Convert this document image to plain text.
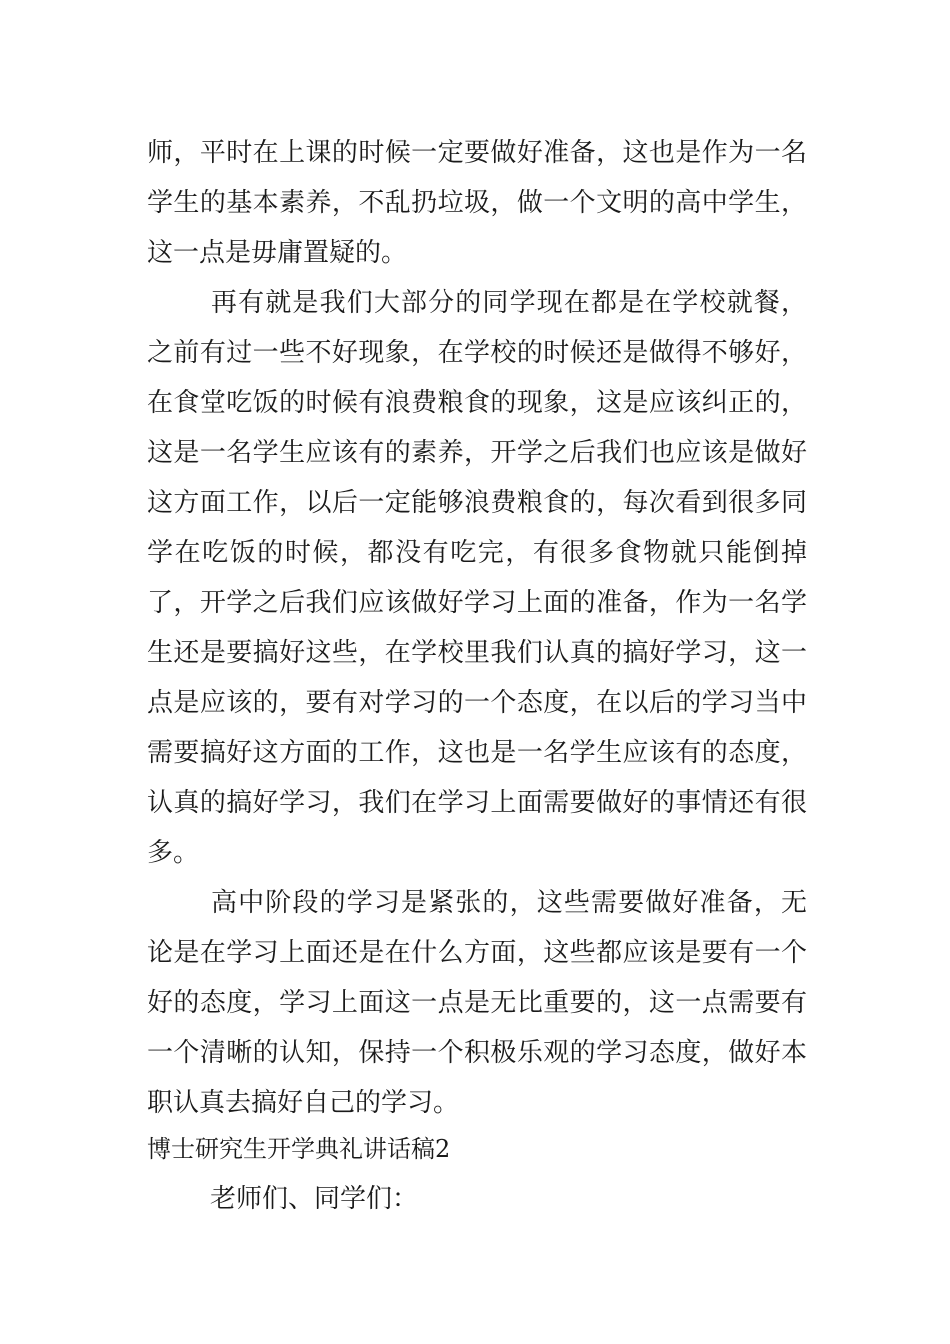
师，平时在上课的时候一定要做好准备，这也是作为一名学生的基本素养，不乱扔垃圾，做一个文明的高中学生，这一点是毋庸置疑的。

再有就是我们大部分的同学现在都是在学校就餐，之前有过一些不好现象，在学校的时候还是做得不够好，在食堂吃饭的时候有浪费粮食的现象，这是应该纠正的，这是一名学生应该有的素养，开学之后我们也应该是做好这方面工作，以后一定能够浪费粮食的，每次看到很多同学在吃饭的时候，都没有吃完，有很多食物就只能倒掉了，开学之后我们应该做好学习上面的准备，作为一名学生还是要搞好这些，在学校里我们认真的搞好学习，这一点是应该的，要有对学习的一个态度，在以后的学习当中需要搞好这方面的工作，这也是一名学生应该有的态度，认真的搞好学习，我们在学习上面需要做好的事情还有很多。

高中阶段的学习是紧张的，这些需要做好准备，无论是在学习上面还是在什么方面，这些都应该是要有一个好的态度，学习上面这一点是无比重要的，这一点需要有一个清晰的认知，保持一个积极乐观的学习态度，做好本职认真去搞好自己的学习。

博士研究生开学典礼讲话稿2

老师们、同学们：
